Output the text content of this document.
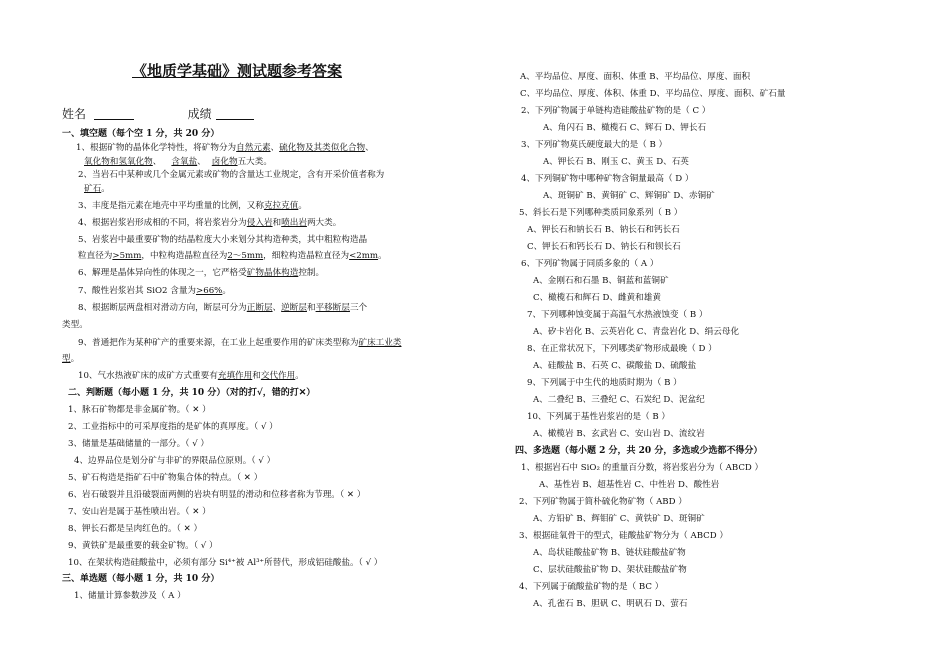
《地质学基础》测试题参考答案
姓名	成绩
一、填空题（每个空 1 分，共 20 分）
1、根据矿物的晶体化学特性，将矿物分为自然元素、硫化物及其类似化合物、
氧化物和氢氧化物、 含氧盐、 卤化物五大类。
2、当岩石中某种或几个金属元素或矿物的含量达工业规定，含有开采价值者称为
矿石。
3、丰度是指元素在地壳中平均重量的比例，又称克拉克值。
4、根据岩浆岩形成相的不同，将岩浆岩分为侵入岩和喷出岩两大类。
5、岩浆岩中最重要矿物的结晶粒度大小来划分其构造种类，其中粗粒构造晶
粒直径为>5mm，中粒构造晶粒直径为2～5mm，细粒构造晶粒直径为<2mm。
6、解理是晶体异向性的体现之一，它严格受矿物晶体构造控制。
7、酸性岩浆岩其 SiO2 含量为>66%。
8、根据断层两盘相对滑动方向，断层可分为正断层、逆断层和平移断层三个
类型。
9、普通把作为某种矿产的重要来源，在工业上起重要作用的矿床类型称为矿床工业类
型。
10、气水热液矿床的成矿方式重要有充填作用和交代作用。
二、判断题（每小题 1 分，共 10 分）（对的打√，错的打✕）
1、脉石矿物都是非金属矿物。（ ✕ ）
2、工业指标中的可采厚度指的是矿体的真厚度。（ √ ）
3、储量是基础储量的一部分。（ √ ）
4、边界品位是划分矿与非矿的界限品位原则。（ √ ）
5、矿石构造是指矿石中矿物集合体的特点。（ ✕ ）
6、岩石破裂并且沿破裂面两侧的岩块有明显的滑动和位移者称为节理。（ ✕ ）
7、安山岩是属于基性喷出岩。（ ✕ ）
8、钾长石都是呈肉红色的。（ ✕ ）
9、黄铁矿是最重要的载金矿物。（ √ ）
10、在架状构造硅酸盐中，必须有部分 Si⁴⁺被 Al³⁺所替代，形成铝硅酸盐。（ √ ）
三、单选题（每小题 1 分，共 10 分）
1、储量计算参数涉及（ A ）
A、平均品位、厚度、面积、体重 B、平均品位、厚度、面积
C、平均品位、厚度、体积、体重 D、平均品位、厚度、面积、矿石量
2、下列矿物属于单链构造硅酸盐矿物的是（ C ）
A、角闪石 B、橄榄石 C、辉石 D、钾长石
3、下列矿物莫氏硬度最大的是（ B ）
A、钾长石 B、刚玉 C、黄玉 D、石英
4、下列铜矿物中哪种矿物含铜量最高（ D ）
A、斑铜矿 B、黄铜矿 C、辉铜矿 D、赤铜矿
5、斜长石是下列哪种类质同象系列（ B ）
A、钾长石和钠长石 B、钠长石和钙长石
C、钾长石和钙长石 D、钠长石和钡长石
6、下列矿物属于同质多象的（ A ）
A、金刚石和石墨 B、铜蓝和蓝铜矿
C、橄榄石和辉石 D、雌黄和雄黄
7、下列哪种蚀变属于高温气水热液蚀变（ B ）
A、矽卡岩化 B、云英岩化 C、青盘岩化 D、绢云母化
8、在正常状况下，下列哪类矿物形成最晚（ D ）
A、硅酸盐 B、石英 C、碳酸盐 D、硫酸盐
9、下列属于中生代的地质时期为（ B ）
A、二叠纪 B、三叠纪 C、石炭纪 D、泥盆纪
10、下列属于基性岩浆岩的是（ B ）
A、橄榄岩 B、玄武岩 C、安山岩 D、流纹岩
四、多选题（每小题 2 分，共 20 分，多选或少选都不得分）
1、根据岩石中 SiO₂ 的重量百分数，将岩浆岩分为（ ABCD ）
A、基性岩 B、超基性岩 C、中性岩 D、酸性岩
2、下列矿物属于简朴硫化物矿物（ ABD ）
A、方铅矿 B、辉钼矿 C、黄铁矿 D、斑铜矿
3、根据硅氧骨干的型式，硅酸盐矿物分为（ ABCD ）
A、岛状硅酸盐矿物 B、链状硅酸盐矿物
C、层状硅酸盐矿物 D、架状硅酸盐矿物
4、下列属于硫酸盐矿物的是（ BC ）
A、孔雀石 B、胆矾 C、明矾石 D、萤石
